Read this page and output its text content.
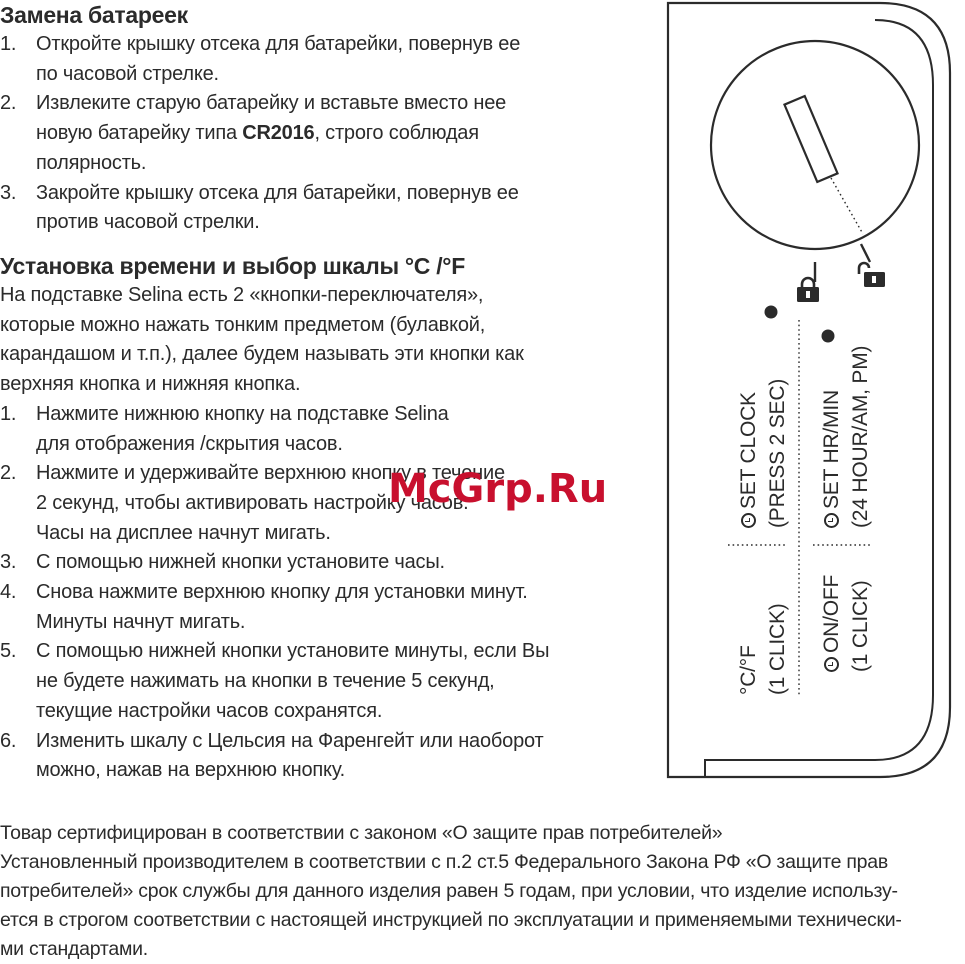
Замена батареек
1. Откройте крышку отсека для батарейки, повернув ее
по часовой стрелке.
2. Извлеките старую батарейку и вставьте вместо нее
новую батарейку типа CR2016, строго соблюдая
полярность.
3. Закройте крышку отсека для батарейки, повернув ее
против часовой стрелки.
Установка времени и выбор шкалы °C /°F
На подставке Selina есть 2 «кнопки-переключателя»,
которые можно нажать тонким предметом (булавкой,
карандашом и т.п.), далее будем называть эти кнопки как
верхняя кнопка и нижняя кнопка.
1. Нажмите нижнюю кнопку на подставке Selina
для отображения /скрытия часов.
2. Нажмите и удерживайте верхнюю кнопку в течение
2 секунд, чтобы активировать настройку часов.
Часы на дисплее начнут мигать.
3. С помощью нижней кнопки установите часы.
4. Снова нажмите верхнюю кнопку для установки минут.
Минуты начнут мигать.
5. С помощью нижней кнопки установите минуты, если Вы
не будете нажимать на кнопки в течение 5 секунд,
текущие настройки часов сохранятся.
6. Изменить шкалу с Цельсия на Фаренгейт или наоборот
можно, нажав на верхнюю кнопку.
SET CLOCK (PRESS 2 SEC)
°C/°F (1 CLICK)
SET HR/MIN (24 HOUR/AM, PM)
ON/OFF (1 CLICK)
McGrp.Ru
Товар сертифицирован в соответствии с законом «О защите прав потребителей»
Установленный производителем в соответствии с п.2 ст.5 Федерального Закона РФ «О защите прав
потребителей» срок службы для данного изделия равен 5 годам, при условии, что изделие использу-
ется в строгом соответствии с настоящей инструкцией по эксплуатации и применяемыми технически-
ми стандартами.
